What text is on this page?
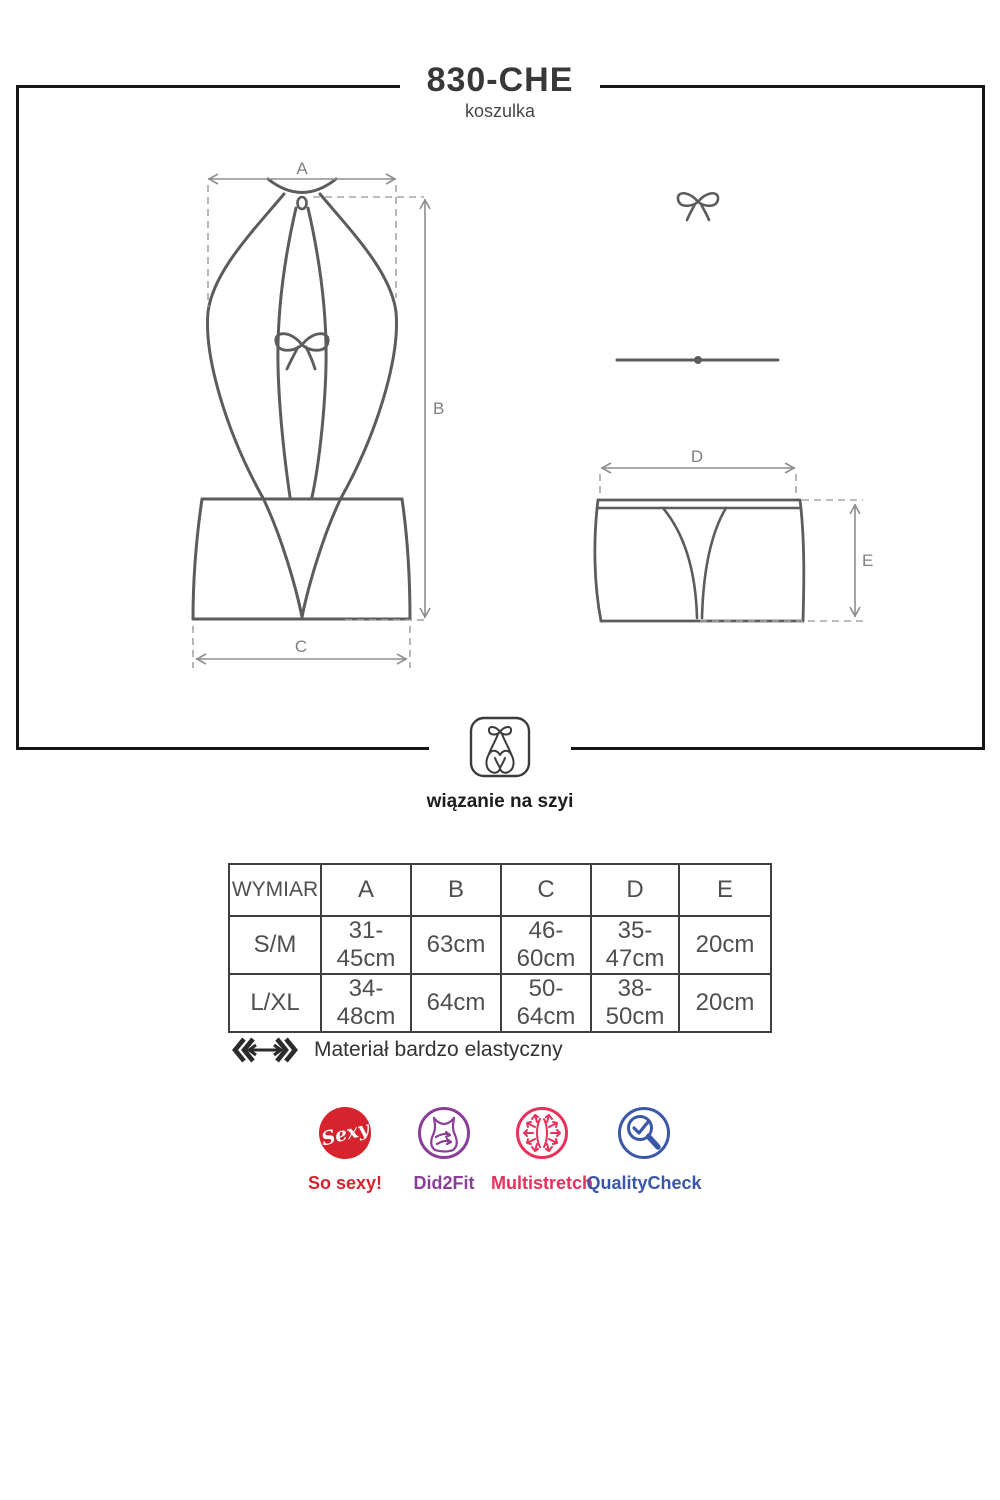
A
B
C
D
E
830-CHE
koszulka
wiązanie na szyi
WYMIAR	A	B	C	D	E
S/M	31-45cm	63cm	46-60cm	35-47cm	20cm
L/XL	34-48cm	64cm	50-64cm	38-50cm	20cm
Materiał bardzo elastyczny
Sexy
So sexy!	Did2Fit Multistretch
QualityCheck
